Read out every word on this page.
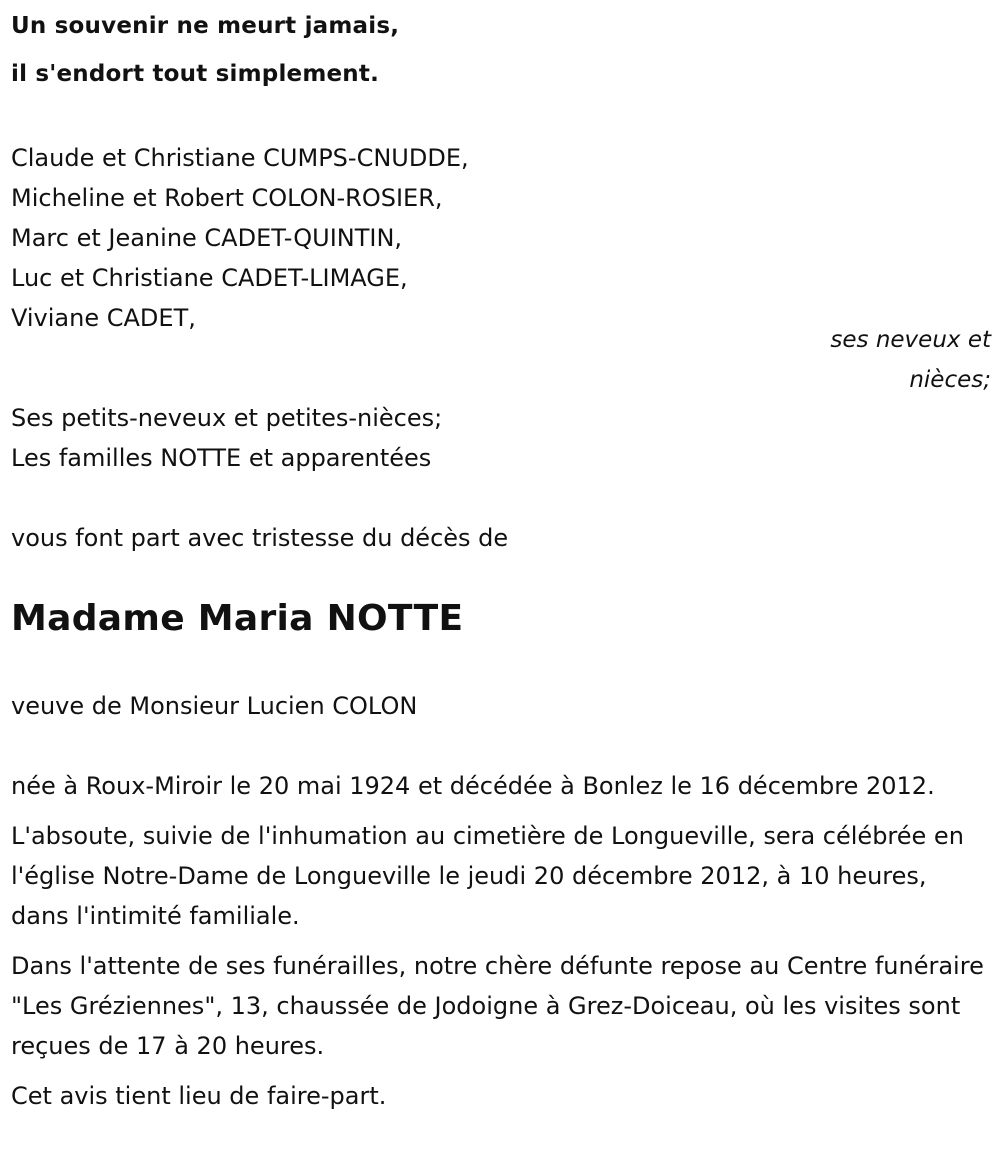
Un souvenir ne meurt jamais,

il s'endort tout simplement.

Claude et Christiane CUMPS-CNUDDE,
Micheline et Robert COLON-ROSIER,
Marc et Jeanine CADET-QUINTIN,
Luc et Christiane CADET-LIMAGE,
Viviane CADET,
ses neveux et
nièces;
Ses petits-neveux et petites-nièces;
Les familles NOTTE et apparentées

vous font part avec tristesse du décès de

Madame Maria NOTTE

veuve de Monsieur Lucien COLON

née à Roux-Miroir le 20 mai 1924 et décédée à Bonlez le 16 décembre 2012.

L'absoute, suivie de l'inhumation au cimetière de Longueville, sera célébrée en l'église Notre-Dame de Longueville le jeudi 20 décembre 2012, à 10 heures, dans l'intimité familiale.

Dans l'attente de ses funérailles, notre chère défunte repose au Centre funéraire "Les Gréziennes", 13, chaussée de Jodoigne à Grez-Doiceau, où les visites sont reçues de 17 à 20 heures.

Cet avis tient lieu de faire-part.
